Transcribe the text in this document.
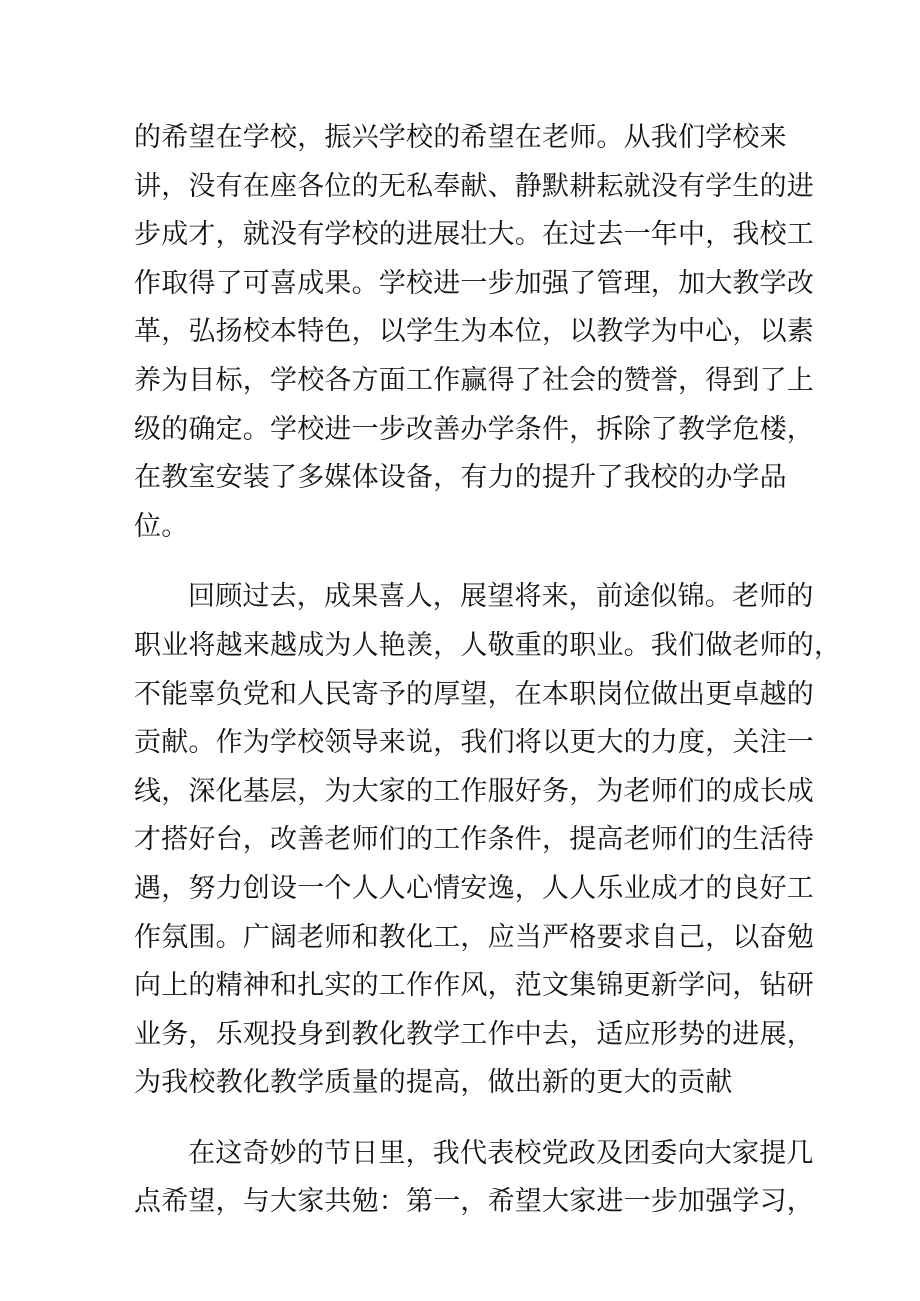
的希望在学校，振兴学校的希望在老师。从我们学校来
讲，没有在座各位的无私奉献、静默耕耘就没有学生的进
步成才，就没有学校的进展壮大。在过去一年中，我校工
作取得了可喜成果。学校进一步加强了管理，加大教学改
革，弘扬校本特色，以学生为本位，以教学为中心，以素
养为目标，学校各方面工作赢得了社会的赞誉，得到了上
级的确定。学校进一步改善办学条件，拆除了教学危楼，
在教室安装了多媒体设备，有力的提升了我校的办学品
位。
回顾过去，成果喜人，展望将来，前途似锦。老师的
职业将越来越成为人艳羡，人敬重的职业。我们做老师的，
不能辜负党和人民寄予的厚望，在本职岗位做出更卓越的
贡献。作为学校领导来说，我们将以更大的力度，关注一
线，深化基层，为大家的工作服好务，为老师们的成长成
才搭好台，改善老师们的工作条件，提高老师们的生活待
遇，努力创设一个人人心情安逸，人人乐业成才的良好工
作氛围。广阔老师和教化工，应当严格要求自己，以奋勉
向上的精神和扎实的工作作风，范文集锦更新学问，钻研
业务，乐观投身到教化教学工作中去，适应形势的进展，
为我校教化教学质量的提高，做出新的更大的贡献
在这奇妙的节日里，我代表校党政及团委向大家提几
点希望，与大家共勉：第一，希望大家进一步加强学习，
